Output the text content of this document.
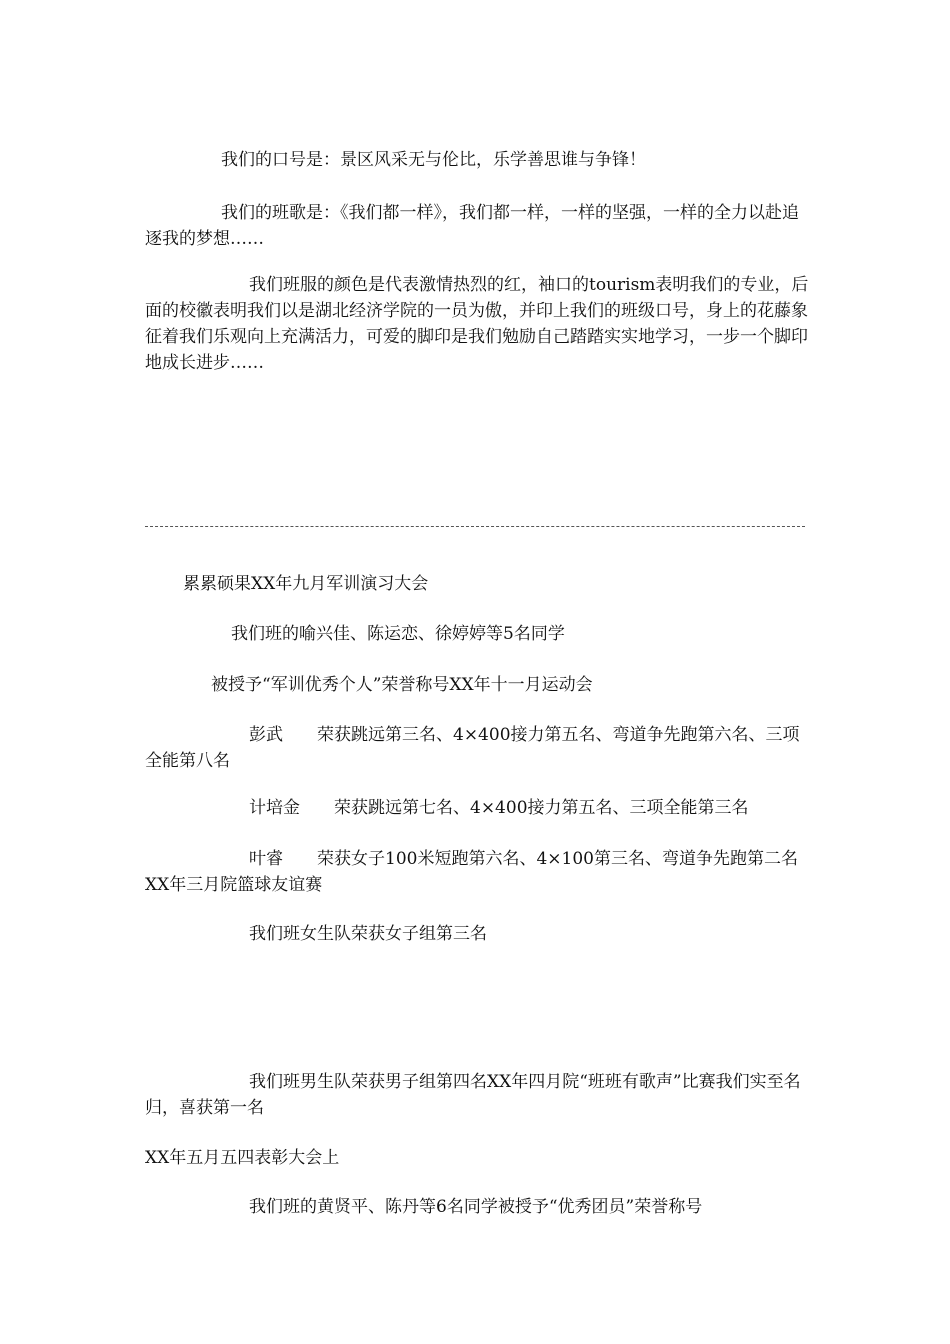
我们的口号是：景区风采无与伦比，乐学善思谁与争锋！

我们的班歌是：《我们都一样》，我们都一样，一样的坚强，一样的全力以赴追逐我的梦想……

我们班服的颜色是代表激情热烈的红，袖口的tourism表明我们的专业，后面的校徽表明我们以是湖北经济学院的一员为傲，并印上我们的班级口号，身上的花藤象征着我们乐观向上充满活力，可爱的脚印是我们勉励自己踏踏实实地学习，一步一个脚印地成长进步……

累累硕果XX年九月军训演习大会

我们班的喻兴佳、陈运恋、徐婷婷等5名同学

被授予“军训优秀个人”荣誉称号XX年十一月运动会

彭武　　荣获跳远第三名、4×400接力第五名、弯道争先跑第六名、三项全能第八名

计培金　　荣获跳远第七名、4×400接力第五名、三项全能第三名

叶睿　　荣获女子100米短跑第六名、4×100第三名、弯道争先跑第二名XX年三月院篮球友谊赛

我们班女生队荣获女子组第三名

我们班男生队荣获男子组第四名XX年四月院“班班有歌声”比赛我们实至名归，喜获第一名

XX年五月五四表彰大会上

我们班的黄贤平、陈丹等6名同学被授予“优秀团员”荣誉称号
